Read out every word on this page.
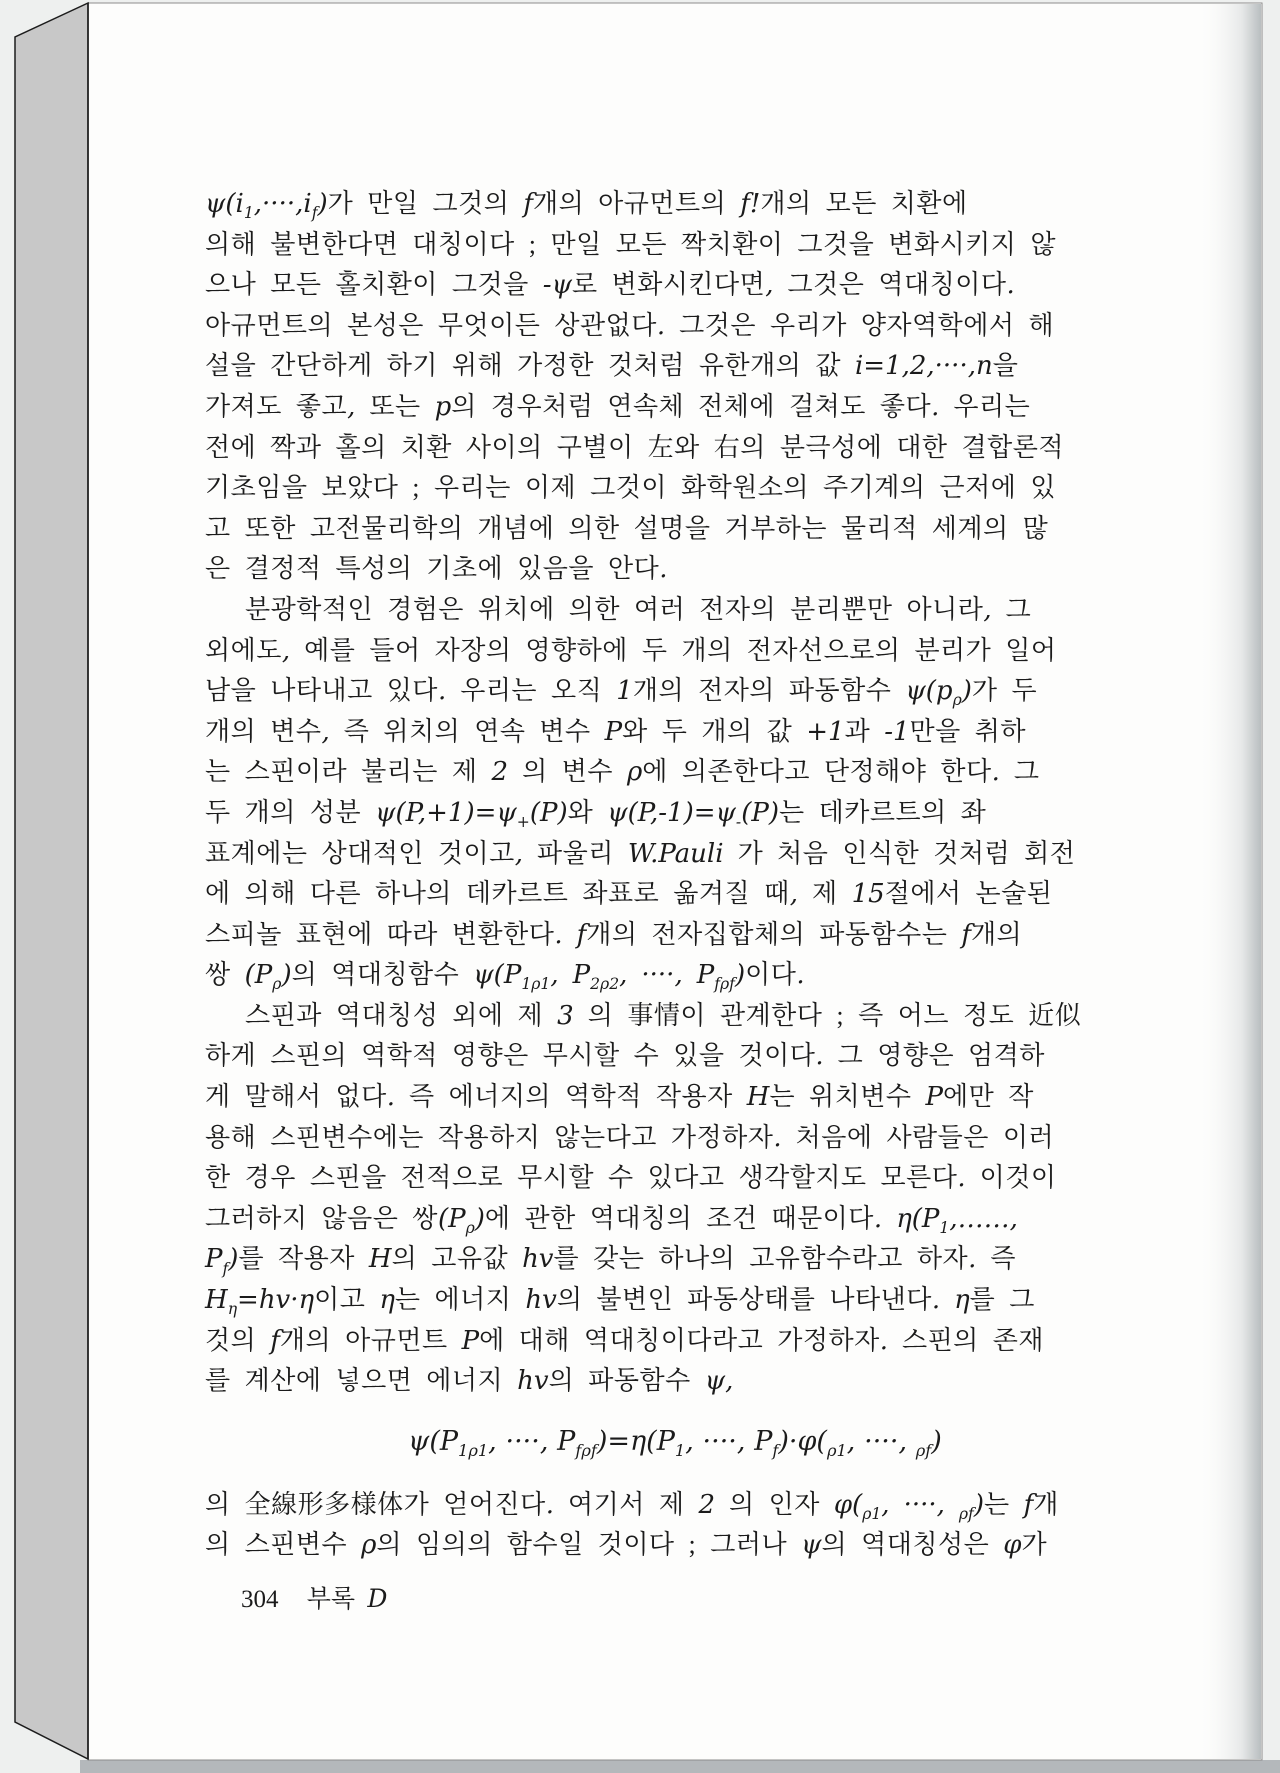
$\psi(i_1,\cdot\cdot\cdot\cdot,i_f)$가 만일 그것의 f개의 아규먼트의 f!개의 모든 치환에
의해 불변한다면 대칭이다 ; 만일 모든 짝치환이 그것을 변화시키지 않
으나 모든 홀치환이 그것을 -ψ로 변화시킨다면, 그것은 역대칭이다.
아규먼트의 본성은 무엇이든 상관없다. 그것은 우리가 양자역학에서 해
설을 간단하게 하기 위해 가정한 것처럼 유한개의 값 i=1,2,····,n을
가져도 좋고, 또는 p의 경우처럼 연속체 전체에 걸쳐도 좋다. 우리는
전에 짝과 홀의 치환 사이의 구별이 左와 右의 분극성에 대한 결합론적
기초임을 보았다 ; 우리는 이제 그것이 화학원소의 주기계의 근저에 있
고 또한 고전물리학의 개념에 의한 설명을 거부하는 물리적 세계의 많
은 결정적 특성의 기초에 있음을 안다.
분광학적인 경험은 위치에 의한 여러 전자의 분리뿐만 아니라, 그
외에도, 예를 들어 자장의 영향하에 두 개의 전자선으로의 분리가 일어
남을 나타내고 있다. 우리는 오직 1개의 전자의 파동함수 $\psi(p_\rho)$가 두
개의 변수, 즉 위치의 연속 변수 P와 두 개의 값 +1과 -1만을 취하
는 스핀이라 불리는 제 2 의 변수 ρ에 의존한다고 단정해야 한다. 그
두 개의 성분 $\psi(P,+1)=\psi_+(P)$와 $\psi(P,-1)=\psi_-(P)$는 데카르트의 좌
표계에는 상대적인 것이고, 파울리 W.Pauli 가 처음 인식한 것처럼 회전
에 의해 다른 하나의 데카르트 좌표로 옮겨질 때, 제 15절에서 논술된
스피놀 표현에 따라 변환한다. f개의 전자집합체의 파동함수는 f개의
쌍 $(P_\rho)$의 역대칭함수 $\psi(P_{1\rho 1}$, $P_{2\rho 2}$, ····, $P_{f\rho f}$)이다.
스핀과 역대칭성 외에 제 3 의 事情이 관계한다 ; 즉 어느 정도 近似
하게 스핀의 역학적 영향은 무시할 수 있을 것이다. 그 영향은 엄격하
게 말해서 없다. 즉 에너지의 역학적 작용자 H는 위치변수 P에만 작
용해 스핀변수에는 작용하지 않는다고 가정하자. 처음에 사람들은 이러
한 경우 스핀을 전적으로 무시할 수 있다고 생각할지도 모른다. 이것이
그러하지 않음은 쌍$(P_\rho)$에 관한 역대칭의 조건 때문이다. $\eta(P_1,\dots\dots$,
$P_f$)를 작용자 H의 고유값 hv를 갖는 하나의 고유함수라고 하자. 즉
$H_\eta=hv\cdot\eta$이고 η는 에너지 hv의 불변인 파동상태를 나타낸다. η를 그
것의 f개의 아규먼트 P에 대해 역대칭이다라고 가정하자. 스핀의 존재
를 계산에 넣으면 에너지 hv의 파동함수 ψ,
$\psi(P_{1\rho 1}$, ····, $P_{f\rho f})=\eta(P_1$, ····, $P_f)\cdot\varphi(_{\rho 1}$, ····, $_{\rho f}$)
의 全線形多様体가 얻어진다. 여기서 제 2 의 인자 $\varphi(_{\rho 1}$, ····, $_{\rho f}$)는 f개
의 스핀변수 ρ의 임의의 함수일 것이다 ; 그러나 ψ의 역대칭성은 φ가
304 부록 D
